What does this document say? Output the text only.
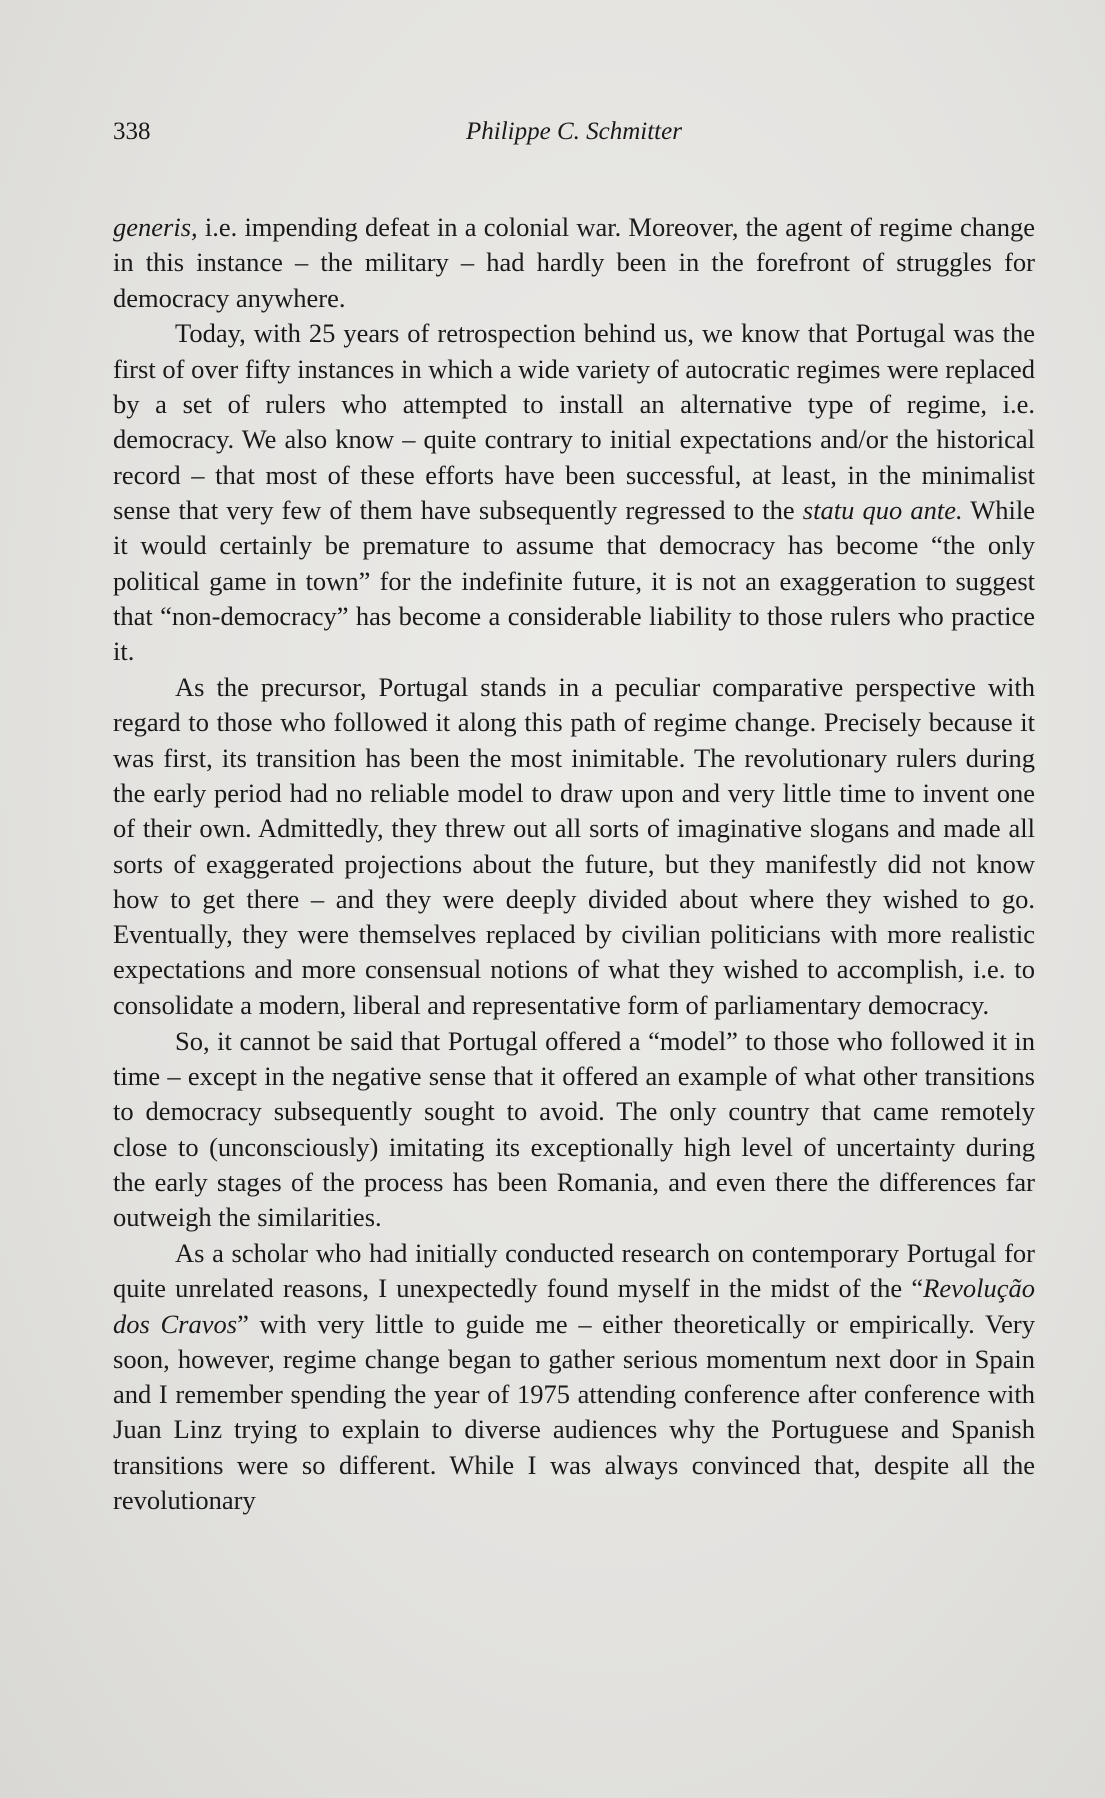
338	Philippe C. Schmitter

generis, i.e. impending defeat in a colonial war. Moreover, the agent of regime change in this instance – the military – had hardly been in the forefront of struggles for democracy anywhere.

Today, with 25 years of retrospection behind us, we know that Portugal was the first of over fifty instances in which a wide variety of autocratic regimes were replaced by a set of rulers who attempted to install an alternative type of regime, i.e. democracy. We also know – quite contrary to initial expectations and/or the historical record – that most of these efforts have been successful, at least, in the minimalist sense that very few of them have subsequently regressed to the statu quo ante. While it would certainly be premature to assume that democracy has become “the only political game in town” for the indefinite future, it is not an exaggeration to suggest that “non-democracy” has become a considerable liability to those rulers who practice it.

As the precursor, Portugal stands in a peculiar comparative perspective with regard to those who followed it along this path of regime change. Precisely because it was first, its transition has been the most inimitable. The revolutionary rulers during the early period had no reliable model to draw upon and very little time to invent one of their own. Admittedly, they threw out all sorts of imaginative slogans and made all sorts of exaggerated projections about the future, but they manifestly did not know how to get there – and they were deeply divided about where they wished to go. Eventually, they were themselves replaced by civilian politicians with more realistic expectations and more consensual notions of what they wished to accomplish, i.e. to consolidate a modern, liberal and representative form of parliamentary democracy.

So, it cannot be said that Portugal offered a “model” to those who followed it in time – except in the negative sense that it offered an example of what other transitions to democracy subsequently sought to avoid. The only country that came remotely close to (unconsciously) imitating its exceptionally high level of uncertainty during the early stages of the process has been Romania, and even there the differences far outweigh the similarities.

As a scholar who had initially conducted research on contemporary Portugal for quite unrelated reasons, I unexpectedly found myself in the midst of the “Revolução dos Cravos” with very little to guide me – either theoretically or empirically. Very soon, however, regime change began to gather serious momentum next door in Spain and I remember spending the year of 1975 attending conference after conference with Juan Linz trying to explain to diverse audiences why the Portuguese and Spanish transitions were so different. While I was always convinced that, despite all the revolutionary
